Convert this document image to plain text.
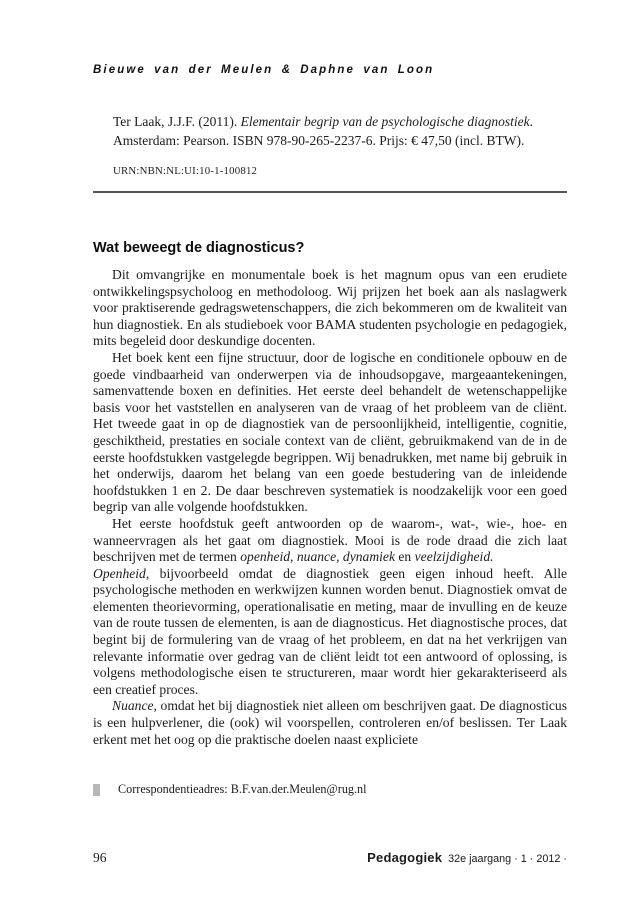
Bieuwe van der Meulen & Daphne van Loon
Ter Laak, J.J.F. (2011). Elementair begrip van de psychologische diagnostiek. Amsterdam: Pearson. ISBN 978-90-265-2237-6. Prijs: € 47,50 (incl. BTW).
URN:NBN:NL:UI:10-1-100812
Wat beweegt de diagnosticus?

Dit omvangrijke en monumentale boek is het magnum opus van een erudiete ontwikkelingspsycholoog en methodoloog. Wij prijzen het boek aan als naslagwerk voor praktiserende gedragswetenschappers, die zich bekommeren om de kwaliteit van hun diagnostiek. En als studieboek voor BAMA studenten psychologie en pedagogiek, mits begeleid door deskundige docenten.

Het boek kent een fijne structuur, door de logische en conditionele opbouw en de goede vindbaarheid van onderwerpen via de inhoudsopgave, margeaantekeningen, samenvattende boxen en definities. Het eerste deel behandelt de wetenschappelijke basis voor het vaststellen en analyseren van de vraag of het probleem van de cliënt. Het tweede gaat in op de diagnostiek van de persoonlijkheid, intelligentie, cognitie, geschiktheid, prestaties en sociale context van de cliënt, gebruikmakend van de in de eerste hoofdstukken vastgelegde begrippen. Wij benadrukken, met name bij gebruik in het onderwijs, daarom het belang van een goede bestudering van de inleidende hoofdstukken 1 en 2. De daar beschreven systematiek is noodzakelijk voor een goed begrip van alle volgende hoofdstukken.

Het eerste hoofdstuk geeft antwoorden op de waarom-, wat-, wie-, hoe- en wanneervragen als het gaat om diagnostiek. Mooi is de rode draad die zich laat beschrijven met de termen openheid, nuance, dynamiek en veelzijdigheid.

Openheid, bijvoorbeeld omdat de diagnostiek geen eigen inhoud heeft. Alle psychologische methoden en werkwijzen kunnen worden benut. Diagnostiek omvat de elementen theorievorming, operationalisatie en meting, maar de invulling en de keuze van de route tussen de elementen, is aan de diagnosticus. Het diagnostische proces, dat begint bij de formulering van de vraag of het probleem, en dat na het verkrijgen van relevante informatie over gedrag van de cliënt leidt tot een antwoord of oplossing, is volgens methodologische eisen te structureren, maar wordt hier gekarakteriseerd als een creatief proces.

Nuance, omdat het bij diagnostiek niet alleen om beschrijven gaat. De diagnosticus is een hulpverlener, die (ook) wil voorspellen, controleren en/of beslissen. Ter Laak erkent met het oog op die praktische doelen naast expliciete

Correspondentieadres: B.F.van.der.Meulen@rug.nl
96	Pedagogiek 32e jaargang · 1 · 2012 ·
